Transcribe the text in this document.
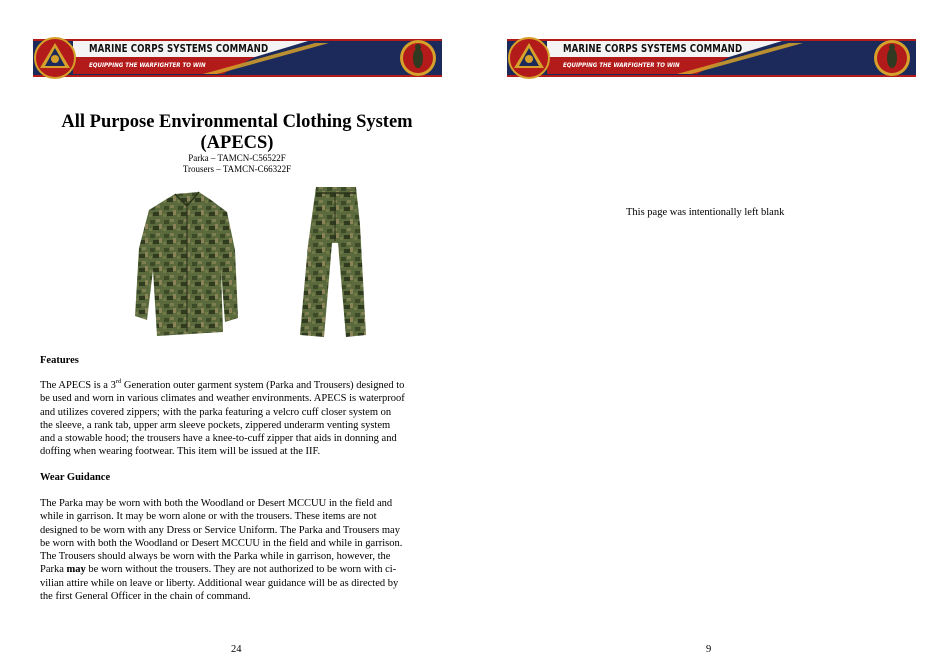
MARINE CORPS SYSTEMS COMMAND
EQUIPPING THE WARFIGHTER TO WIN
All Purpose Environmental Clothing System
(APECS)
Parka – TAMCN-C56522F
Trousers – TAMCN-C66322F
Features
The APECS is a 3rd Generation outer garment system (Parka and Trousers) designed to
be used and worn in various climates and weather environments. APECS is waterproof
and utilizes covered zippers; with the parka featuring a velcro cuff closer system on
the sleeve, a rank tab, upper arm sleeve pockets, zippered underarm venting system
and a stowable hood; the trousers have a knee-to-cuff zipper that aids in donning and
doffing when wearing footwear. This item will be issued at the IIF.
Wear Guidance
The Parka may be worn with both the Woodland or Desert MCCUU in the field and
while in garrison. It may be worn alone or with the trousers. These items are not
designed to be worn with any Dress or Service Uniform. The Parka and Trousers may
be worn with both the Woodland or Desert MCCUU in the field and while in garrison.
The Trousers should always be worn with the Parka while in garrison, however, the
Parka may be worn without the trousers. They are not authorized to be worn with ci-
vilian attire while on leave or liberty. Additional wear guidance will be as directed by
the first General Officer in the chain of command.
24
MARINE CORPS SYSTEMS COMMAND
EQUIPPING THE WARFIGHTER TO WIN
This page was intentionally left blank
9
